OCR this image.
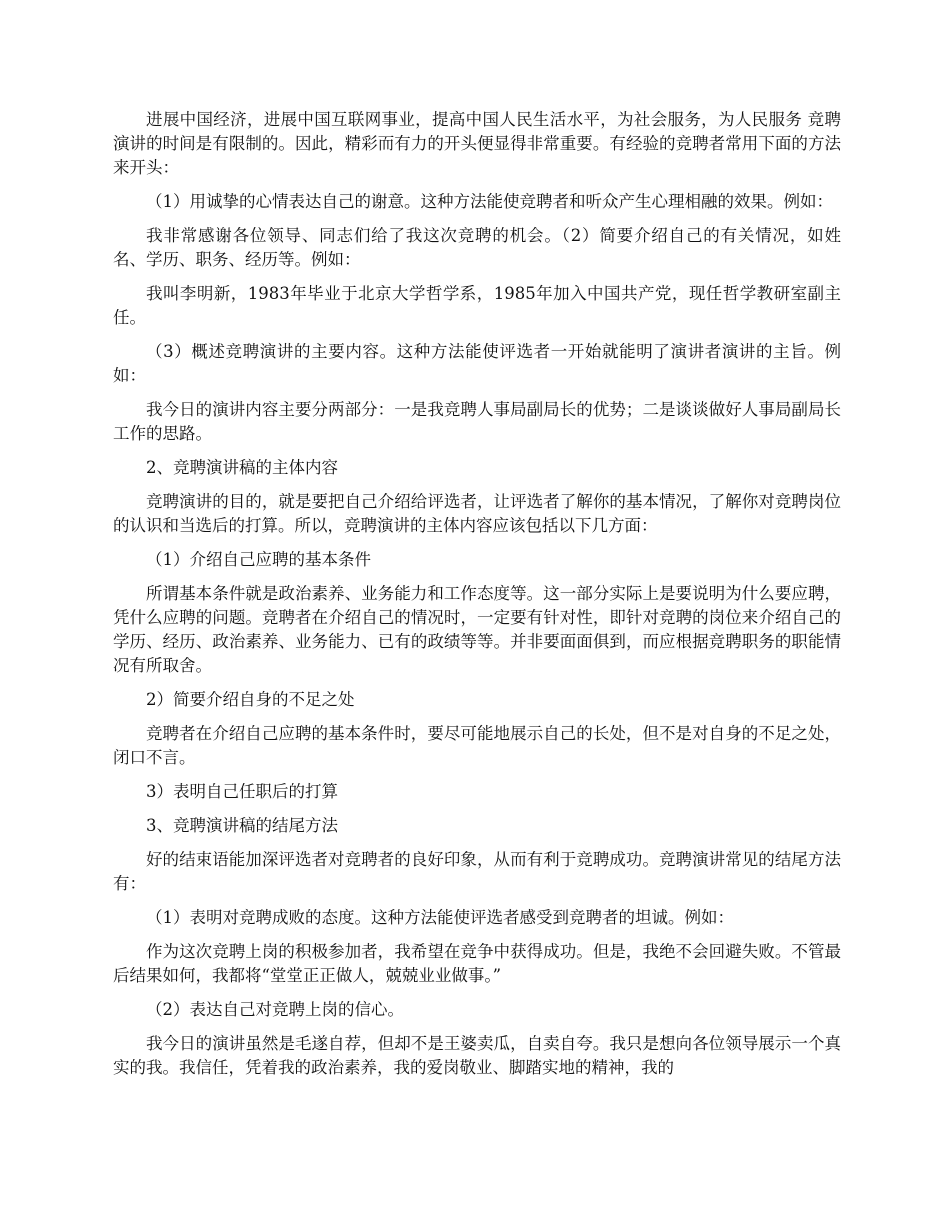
进展中国经济，进展中国互联网事业，提高中国人民生活水平，为社会服务，为人民服务 竞聘演讲的时间是有限制的。因此，精彩而有力的开头便显得非常重要。有经验的竞聘者常用下面的方法来开头：

（1）用诚挚的心情表达自己的谢意。这种方法能使竞聘者和听众产生心理相融的效果。例如：

我非常感谢各位领导、同志们给了我这次竞聘的机会。（2）简要介绍自己的有关情况，如姓名、学历、职务、经历等。例如：

我叫李明新，1983年毕业于北京大学哲学系，1985年加入中国共产党，现任哲学教研室副主任。

（3）概述竞聘演讲的主要内容。这种方法能使评选者一开始就能明了演讲者演讲的主旨。例如：

我今日的演讲内容主要分两部分：一是我竞聘人事局副局长的优势；二是谈谈做好人事局副局长工作的思路。

2、竞聘演讲稿的主体内容

竞聘演讲的目的，就是要把自己介绍给评选者，让评选者了解你的基本情况，了解你对竞聘岗位的认识和当选后的打算。所以，竞聘演讲的主体内容应该包括以下几方面：

（1）介绍自己应聘的基本条件

所谓基本条件就是政治素养、业务能力和工作态度等。这一部分实际上是要说明为什么要应聘，凭什么应聘的问题。竞聘者在介绍自己的情况时，一定要有针对性，即针对竞聘的岗位来介绍自己的学历、经历、政治素养、业务能力、已有的政绩等等。并非要面面俱到，而应根据竞聘职务的职能情况有所取舍。

2）简要介绍自身的不足之处

竞聘者在介绍自己应聘的基本条件时，要尽可能地展示自己的长处，但不是对自身的不足之处，闭口不言。

3）表明自己任职后的打算

3、竞聘演讲稿的结尾方法

好的结束语能加深评选者对竞聘者的良好印象，从而有利于竞聘成功。竞聘演讲常见的结尾方法有：

（1）表明对竞聘成败的态度。这种方法能使评选者感受到竞聘者的坦诚。例如：

作为这次竞聘上岗的积极参加者，我希望在竞争中获得成功。但是，我绝不会回避失败。不管最后结果如何，我都将“堂堂正正做人，兢兢业业做事。”

（2）表达自己对竞聘上岗的信心。

我今日的演讲虽然是毛遂自荐，但却不是王婆卖瓜，自卖自夸。我只是想向各位领导展示一个真实的我。我信任，凭着我的政治素养，我的爱岗敬业、脚踏实地的精神，我的
